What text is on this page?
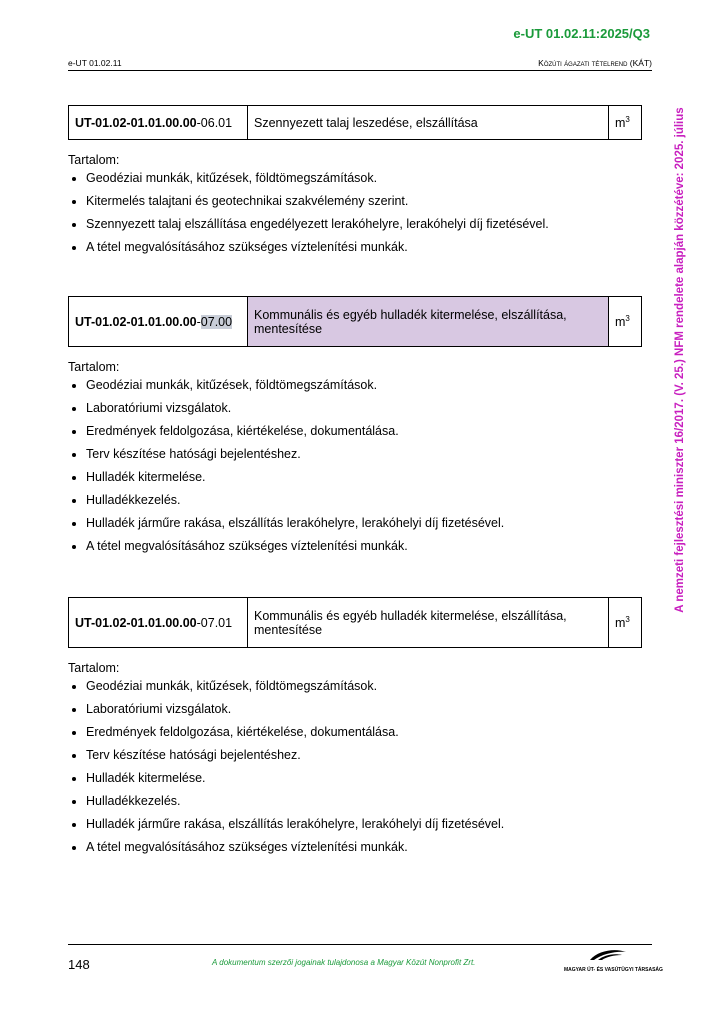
e-UT 01.02.11:2025/Q3
e-UT 01.02.11	Közúti ágazati tételrend (KÁT)
A nemzeti fejlesztési miniszter 16/2017. (V. 25.) NFM rendelete alapján közzétéve: 2025. július
UT-01.02-01.01.00.00-06.01	Szennyezett talaj leszedése, elszállítása	$m^3$
Tartalom:
• Geodéziai munkák, kitűzések, földtömegszámítások.
• Kitermelés talajtani és geotechnikai szakvélemény szerint.
• Szennyezett talaj elszállítása engedélyezett lerakóhelyre, lerakóhelyi díj fizetésével.
• A tétel megvalósításához szükséges víztelenítési munkák.
UT-01.02-01.01.00.00-07.00	Kommunális és egyéb hulladék kitermelése, elszállítása, mentesítése	$m^3$
Tartalom:
• Geodéziai munkák, kitűzések, földtömegszámítások.
• Laboratóriumi vizsgálatok.
• Eredmények feldolgozása, kiértékelése, dokumentálása.
• Terv készítése hatósági bejelentéshez.
• Hulladék kitermelése.
• Hulladékkezelés.
• Hulladék járműre rakása, elszállítás lerakóhelyre, lerakóhelyi díj fizetésével.
• A tétel megvalósításához szükséges víztelenítési munkák.
UT-01.02-01.01.00.00-07.01	Kommunális és egyéb hulladék kitermelése, elszállítása, mentesítése	$m^3$
Tartalom:
• Geodéziai munkák, kitűzések, földtömegszámítások.
• Laboratóriumi vizsgálatok.
• Eredmények feldolgozása, kiértékelése, dokumentálása.
• Terv készítése hatósági bejelentéshez.
• Hulladék kitermelése.
• Hulladékkezelés.
• Hulladék járműre rakása, elszállítás lerakóhelyre, lerakóhelyi díj fizetésével.
• A tétel megvalósításához szükséges víztelenítési munkák.
148	A dokumentum szerzői jogainak tulajdonosa a Magyar Közút Nonprofit Zrt.
MAGYAR ÚT- ÉS VASÚTÜGYI TÁRSASÁG
